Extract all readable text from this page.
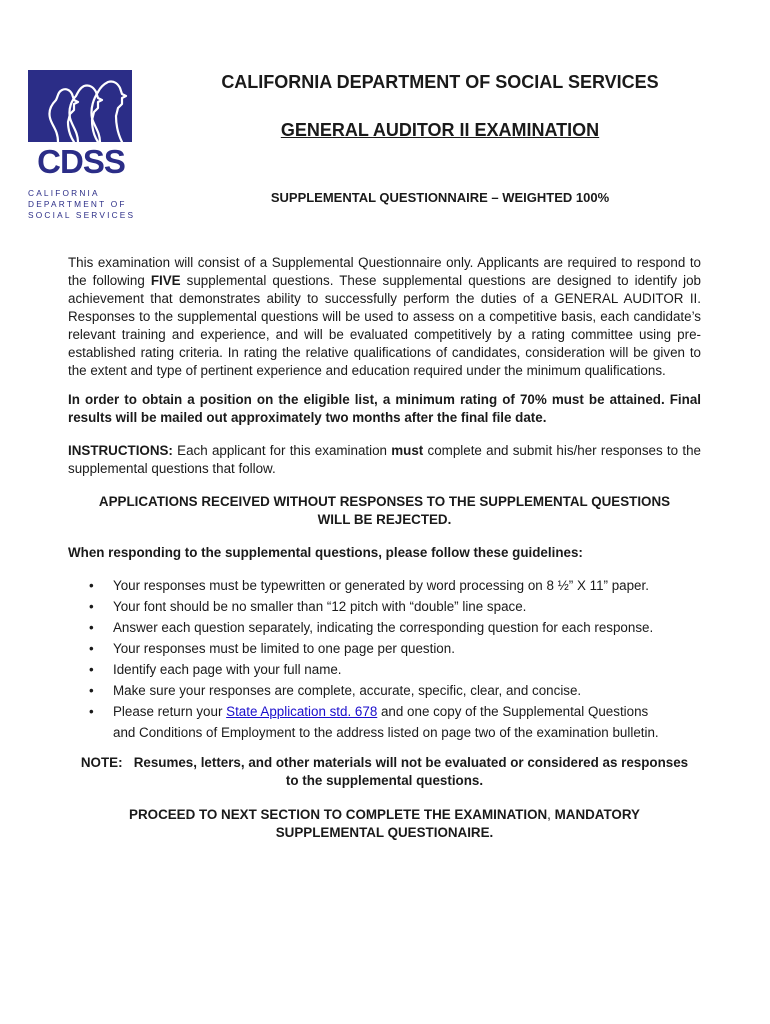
CDSS
CALIFORNIA
DEPARTMENT OF
SOCIAL SERVICES
CALIFORNIA DEPARTMENT OF SOCIAL SERVICES
GENERAL AUDITOR II EXAMINATION
SUPPLEMENTAL QUESTIONNAIRE – WEIGHTED 100%

This examination will consist of a Supplemental Questionnaire only. Applicants are required to respond to the following FIVE supplemental questions. These supplemental questions are designed to identify job achievement that demonstrates ability to successfully perform the duties of a GENERAL AUDITOR II. Responses to the supplemental questions will be used to assess on a competitive basis, each candidate’s relevant training and experience, and will be evaluated competitively by a rating committee using pre-established rating criteria. In rating the relative qualifications of candidates, consideration will be given to the extent and type of pertinent experience and education required under the minimum qualifications.

In order to obtain a position on the eligible list, a minimum rating of 70% must be attained. Final results will be mailed out approximately two months after the final file date.

INSTRUCTIONS: Each applicant for this examination must complete and submit his/her responses to the supplemental questions that follow.

APPLICATIONS RECEIVED WITHOUT RESPONSES TO THE SUPPLEMENTAL QUESTIONS WILL BE REJECTED.

When responding to the supplemental questions, please follow these guidelines:

• Your responses must be typewritten or generated by word processing on 8 ½” X 11” paper.
• Your font should be no smaller than “12 pitch with “double” line space.
• Answer each question separately, indicating the corresponding question for each response.
• Your responses must be limited to one page per question.
• Identify each page with your full name.
• Make sure your responses are complete, accurate, specific, clear, and concise.
• Please return your State Application std. 678 and one copy of the Supplemental Questions and Conditions of Employment to the address listed on page two of the examination bulletin.

NOTE: Resumes, letters, and other materials will not be evaluated or considered as responses to the supplemental questions.

PROCEED TO NEXT SECTION TO COMPLETE THE EXAMINATION, MANDATORY SUPPLEMENTAL QUESTIONAIRE.
